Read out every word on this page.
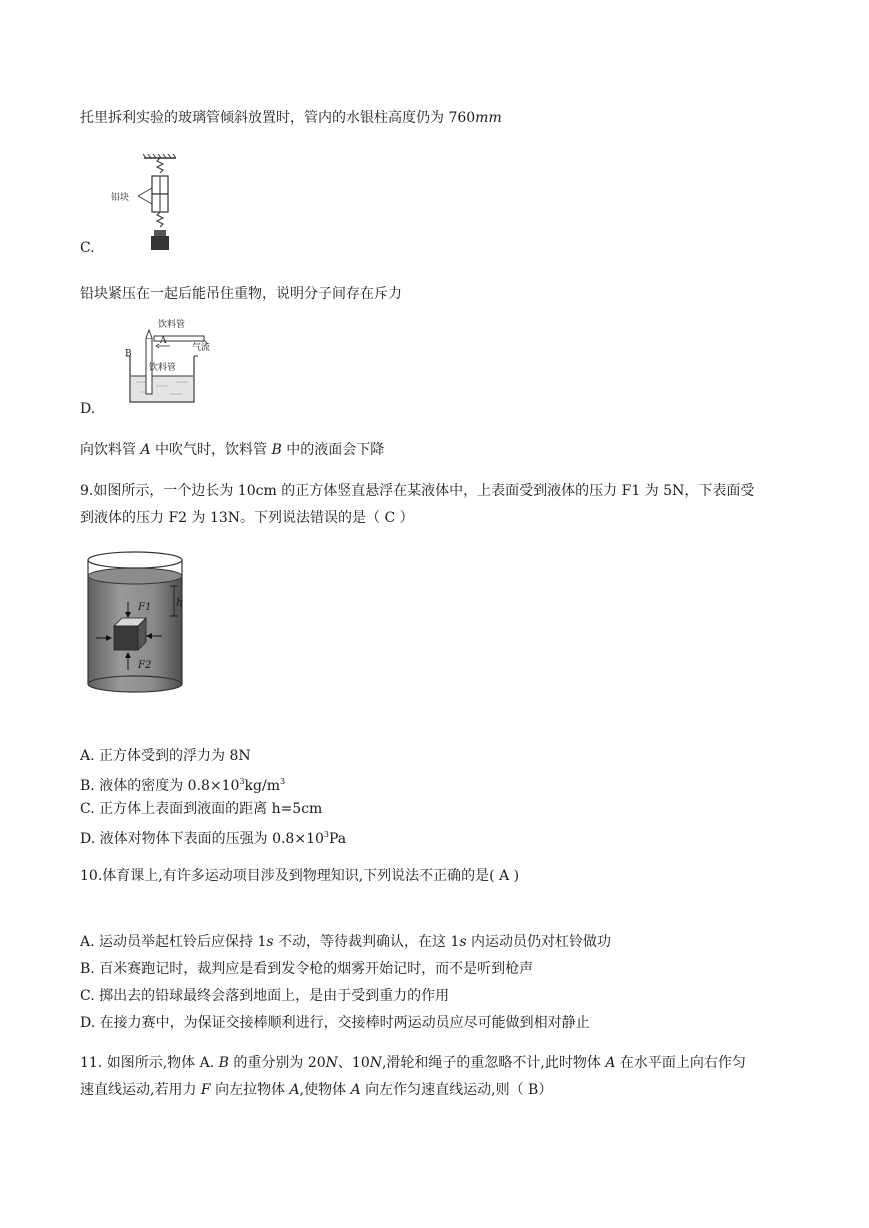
托里拆利实验的玻璃管倾斜放置时，管内的水银柱高度仍为 760mm
铅块
C.
铅块紧压在一起后能吊住重物，说明分子间存在斥力
饮料管
气流
A
B
饮料管
D.
向饮料管 A 中吹气时，饮料管 B 中的液面会下降
9.如图所示，一个边长为 10cm 的正方体竖直悬浮在某液体中，上表面受到液体的压力 F1 为 5N，下表面受
到液体的压力 F2 为 13N。下列说法错误的是（ C ）
h
F1
F2
A. 正方体受到的浮力为 8N
B. 液体的密度为 $0.8\times 10^3kg/m^3$
C. 正方体上表面到液面的距离 h=5cm
D. 液体对物体下表面的压强为 $0.8\times 10^3Pa$
10.体育课上,有许多运动项目涉及到物理知识,下列说法不正确的是( A )
A. 运动员举起杠铃后应保持 1s 不动，等待裁判确认，在这 1s 内运动员仍对杠铃做功
B. 百米赛跑记时，裁判应是看到发令枪的烟雾开始记时，而不是听到枪声
C. 掷出去的铅球最终会落到地面上，是由于受到重力的作用
D. 在接力赛中，为保证交接棒顺利进行，交接棒时两运动员应尽可能做到相对静止
11. 如图所示,物体 A. B 的重分别为 20N、10N,滑轮和绳子的重忽略不计,此时物体 A 在水平面上向右作匀
速直线运动,若用力 F 向左拉物体 A,使物体 A 向左作匀速直线运动,则（ B）
